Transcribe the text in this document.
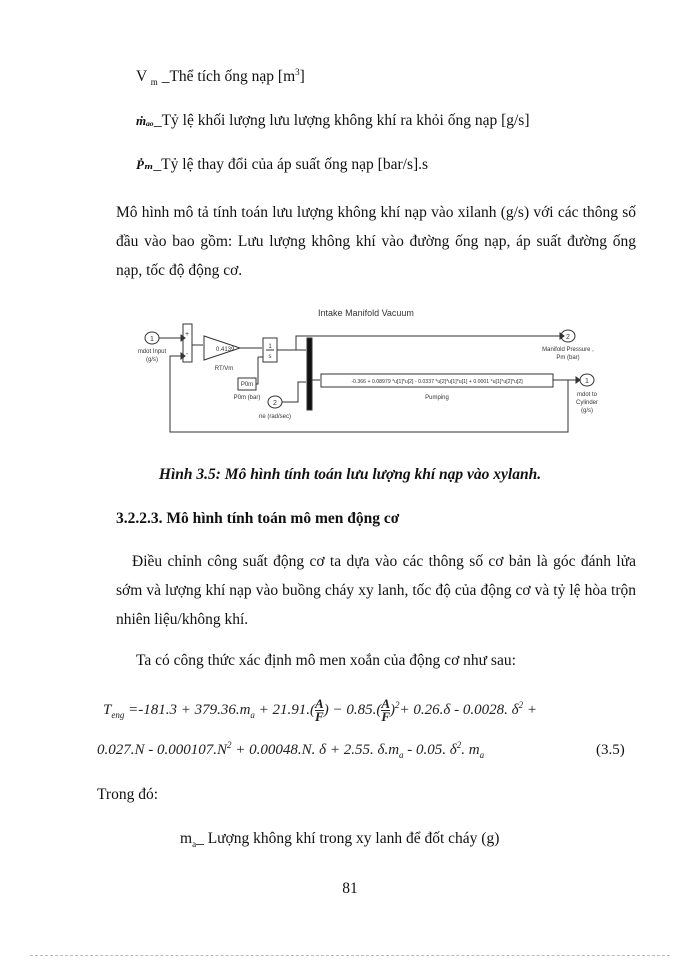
V $_m$ _Thể tích ống nạp $[m^3]$
ṁₐₒ_Tỷ lệ khối lượng lưu lượng không khí ra khỏi ống nạp [g/s]
Ṗₘ_Tỷ lệ thay đổi của áp suất ống nạp [bar/s].s
Mô hình mô tả tính toán lưu lượng không khí nạp vào xilanh (g/s) với các thông số đầu vào bao gồm: Lưu lượng không khí vào đường ống nạp, áp suất đường ống nạp, tốc độ động cơ.
Intake Manifold Vacuum
1
mdot Input
(g/s)
+
-
0.4139
RT/Vm
1
s
P0m
P0m (bar)
2
ne (rad/sec)
-0.366 + 0.08979 *u[1]*u[2] - 0.0337 *u[2]*u[1]*u[1] + 0.0001 *u[1]*u[2]*u[2]
Pumping
2
Manifold Pressure ,
Pm (bar)
1
mdot to
Cylinder
(g/s)
Hình 3.5: Mô hình tính toán lưu lượng khí nạp vào xylanh.
3.2.2.3. Mô hình tính toán mô men động cơ
Điều chỉnh công suất động cơ ta dựa vào các thông số cơ bản là góc đánh lửa sớm và lượng khí nạp vào buồng cháy xy lanh, tốc độ của động cơ và tỷ lệ hòa trộn nhiên liệu/không khí.
Ta có công thức xác định mô men xoắn của động cơ như sau:
$T_{eng} =-181.3 + 379.36.m_a + 21.91.( \frac{A}{F}$ ) − $0.85.( \frac{A}{F} )^2+ 0.26.\delta - 0.0028$. $\delta^2$ +
$0.027.N - 0.000107.N^2 + 0.00048.N$. δ + 2.55. $\delta.m_a - 0.05$. $\delta^2$. $m_a$	(3.5)
Trong đó:
$m_a\_$ Lượng không khí trong xy lanh để đốt cháy (g)
81
